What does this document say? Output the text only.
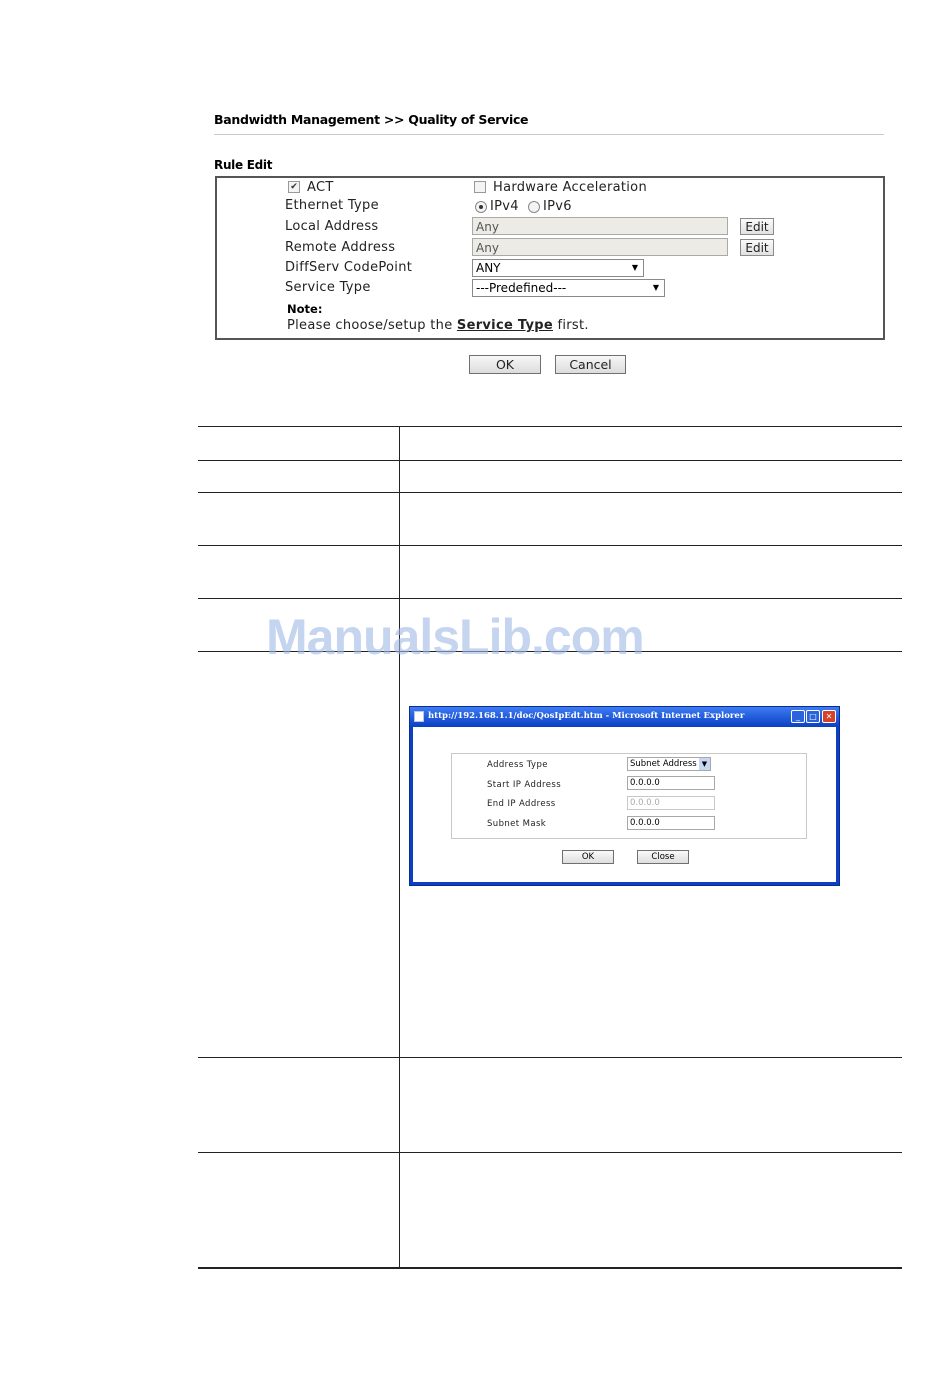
Bandwidth Management >> Quality of Service
Rule Edit
✔ ACT	Hardware Acceleration
Ethernet Type	IPv4 IPv6
Local Address	Any	Edit
Remote Address	Any	Edit
DiffServ CodePoint	ANY	▼
Service Type	---Predefined---	▼
Note:
Please choose/setup the Service Type first.
OK	Cancel
http://192.168.1.1/doc/QosIpEdt.htm - Microsoft Internet Explorer	_	□	✕
Address Type	Subnet Address ▼
Start IP Address	0.0.0.0
End IP Address	0.0.0.0
Subnet Mask	0.0.0.0
OK	Close
ManualsLib.com
